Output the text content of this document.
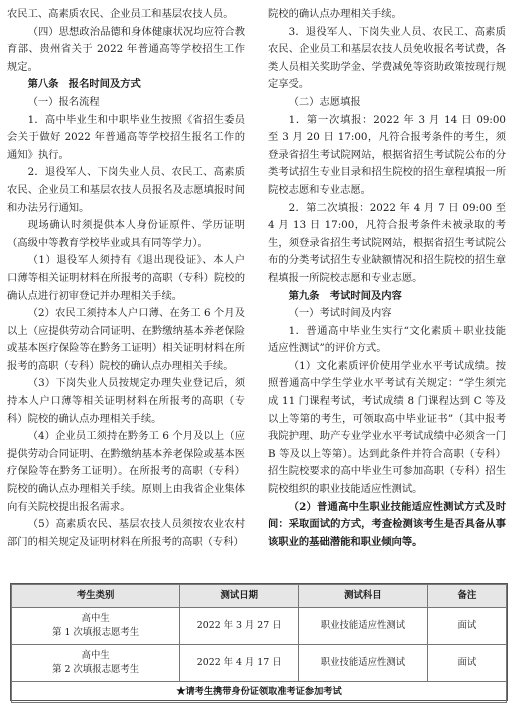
农民工、高素质农民、企业员工和基层农技人员。

（四）思想政治品德和身体健康状况均应符合教育部、贵州省关于 2022 年普通高等学校招生工作规定。

第八条　报名时间及方式

（一）报名流程

1．高中毕业生和中职毕业生按照《省招生委员会关于做好 2022 年普通高等学校招生报名工作的通知》执行。

2．退役军人、下岗失业人员、农民工、高素质农民、企业员工和基层农技人员报名及志愿填报时间和办法另行通知。

现场确认时须提供本人身份证原件、学历证明（高级中等教育学校毕业或具有同等学力）。

（1）退役军人须持有《退出现役证》、本人户口薄等相关证明材料在所报考的高职（专科）院校的确认点进行初审登记并办理相关手续。

（2）农民工须持本人户口薄、在务工 6 个月及以上（应提供劳动合同证明、在黔缴纳基本养老保险或基本医疗保险等在黔务工证明）相关证明材料在所报考的高职（专科）院校的确认点办理相关手续。

（3）下岗失业人员按规定办理失业登记后，须持本人户口薄等相关证明材料在所报考的高职（专科）院校的确认点办理相关手续。

（4）企业员工须持在黔务工 6 个月及以上（应提供劳动合同证明、在黔缴纳基本养老保险或基本医疗保险等在黔务工证明）。在所报考的高职（专科）院校的确认点办理相关手续。原则上由我省企业集体向有关院校提出报名需求。

（5）高素质农民、基层农技人员须按农业农村部门的相关规定及证明材料在所报考的高职（专科）

院校的确认点办理相关手续。

3．退役军人、下岗失业人员、农民工、高素质农民、企业员工和基层农技人员免收报名考试费，各类人员相关奖助学金、学费减免等资助政策按现行规定享受。

（二）志愿填报

1．第一次填报：2022 年 3 月 14 日 09:00 至 3 月 20 日 17:00，凡符合报考条件的考生，须登录省招生考试院网站，根据省招生考试院公布的分类考试招生专业目录和招生院校的招生章程填报一所院校志愿和专业志愿。

2．第二次填报：2022 年 4 月 7 日 09:00 至 4 月 13 日 17:00，凡符合报考条件未被录取的考生，须登录省招生考试院网站，根据省招生考试院公布的分类考试招生专业缺额情况和招生院校的招生章程填报一所院校志愿和专业志愿。

第九条　考试时间及内容

（一）考试时间及内容

1．普通高中毕业生实行“文化素质＋职业技能适应性测试”的评价方式。

（1）文化素质评价使用学业水平考试成绩。按照普通高中学生学业水平考试有关规定：“学生须完成 11 门课程考试，考试成绩 8 门课程达到 C 等及以上等第的考生，可领取高中毕业证书”（其中报考我院护理、助产专业学业水平考试成绩中必须含一门 B 等及以上等第）。达到此条件并符合高职（专科）招生院校要求的高中毕业生可参加高职（专科）招生院校组织的职业技能适应性测试。

（2）普通高中生职业技能适应性测试方式及时间：采取面试的方式，考查检测该考生是否具备从事该职业的基础潜能和职业倾向等。

考生类别	测试日期	测试科目	备注

高中生
第 1 次填报志愿考生	2022 年 3 月 27 日	职业技能适应性测试	面试

高中生
第 2 次填报志愿考生	2022 年 4 月 17 日	职业技能适应性测试	面试
★请考生携带身份证领取准考证参加考试			
